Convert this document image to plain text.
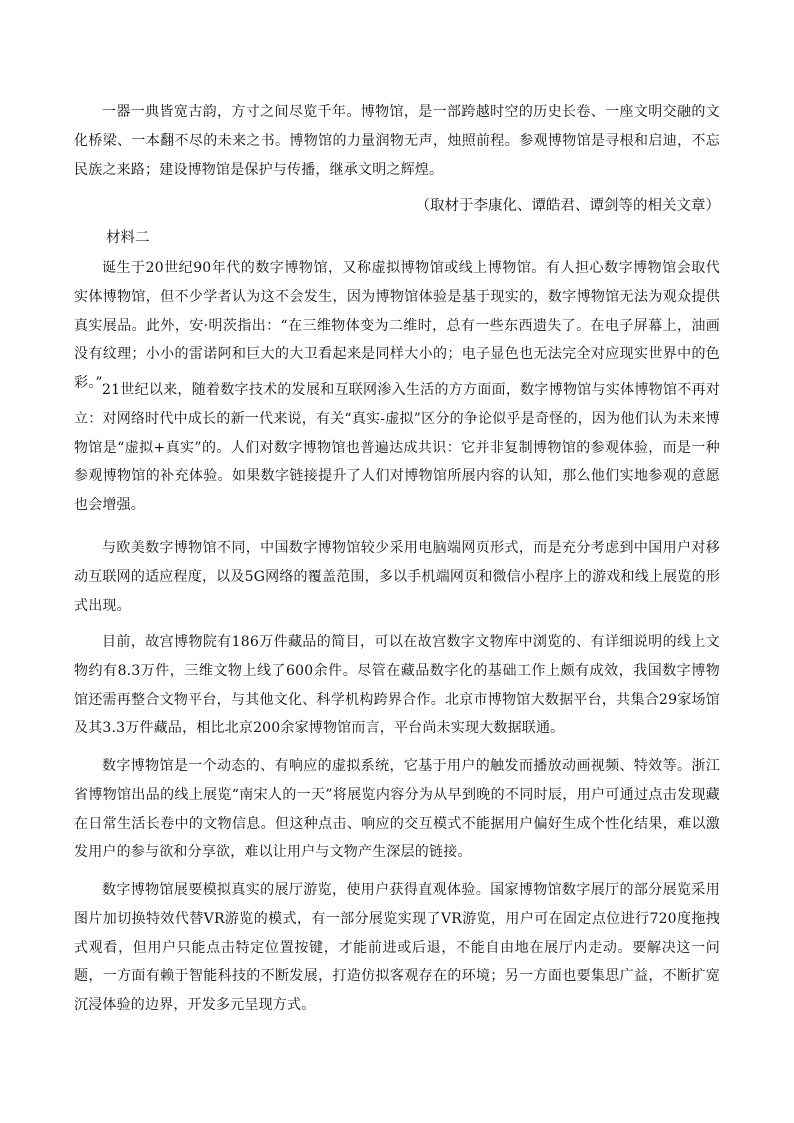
一器一典皆宽古韵，方寸之间尽览千年。博物馆，是一部跨越时空的历史长卷、一座文明交融的文化桥梁、一本翻不尽的未来之书。博物馆的力量润物无声，烛照前程。参观博物馆是寻根和启迪，不忘民族之来路；建设博物馆是保护与传播，继承文明之辉煌。

（取材于李康化、谭皓君、谭剑等的相关文章）

材料二

诞生于20世纪90年代的数字博物馆，又称虚拟博物馆或线上博物馆。有人担心数字博物馆会取代实体博物馆，但不少学者认为这不会发生，因为博物馆体验是基于现实的，数字博物馆无法为观众提供真实展品。此外，安·明茨指出：“在三维物体变为二维时，总有一些东西遗失了。在电子屏幕上，油画没有纹理；小小的雷诺阿和巨大的大卫看起来是同样大小的；电子显色也无法完全对应现实世界中的色彩。” 21世纪以来，随着数字技术的发展和互联网渗入生活的方方面面，数字博物馆与实体博物馆不再对立：对网络时代中成长的新一代来说，有关“真实-虚拟”区分的争论似乎是奇怪的，因为他们认为未来博物馆是“虚拟+真实”的。人们对数字博物馆也普遍达成共识：它并非复制博物馆的参观体验，而是一种参观博物馆的补充体验。如果数字链接提升了人们对博物馆所展内容的认知，那么他们实地参观的意愿也会增强。

与欧美数字博物馆不同，中国数字博物馆较少采用电脑端网页形式，而是充分考虑到中国用户对移动互联网的适应程度，以及5G网络的覆盖范围，多以手机端网页和微信小程序上的游戏和线上展览的形式出现。

目前，故宫博物院有186万件藏品的简目，可以在故宫数字文物库中浏览的、有详细说明的线上文物约有8.3万件，三维文物上线了600余件。尽管在藏品数字化的基础工作上颇有成效，我国数字博物馆还需再整合文物平台，与其他文化、科学机构跨界合作。北京市博物馆大数据平台，共集合29家场馆及其3.3万件藏品，相比北京200余家博物馆而言，平台尚未实现大数据联通。

数字博物馆是一个动态的、有响应的虚拟系统，它基于用户的触发而播放动画视频、特效等。浙江省博物馆出品的线上展览“南宋人的一天”将展览内容分为从早到晚的不同时辰，用户可通过点击发现藏在日常生活长卷中的文物信息。但这种点击、响应的交互模式不能据用户偏好生成个性化结果，难以激发用户的参与欲和分享欲，难以让用户与文物产生深层的链接。

数字博物馆展要模拟真实的展厅游览，使用户获得直观体验。国家博物馆数字展厅的部分展览采用图片加切换特效代替VR游览的模式，有一部分展览实现了VR游览，用户可在固定点位进行720度拖拽式观看，但用户只能点击特定位置按键，才能前进或后退，不能自由地在展厅内走动。要解决这一问题，一方面有赖于智能科技的不断发展，打造仿拟客观存在的环境；另一方面也要集思广益，不断扩宽沉浸体验的边界，开发多元呈现方式。
